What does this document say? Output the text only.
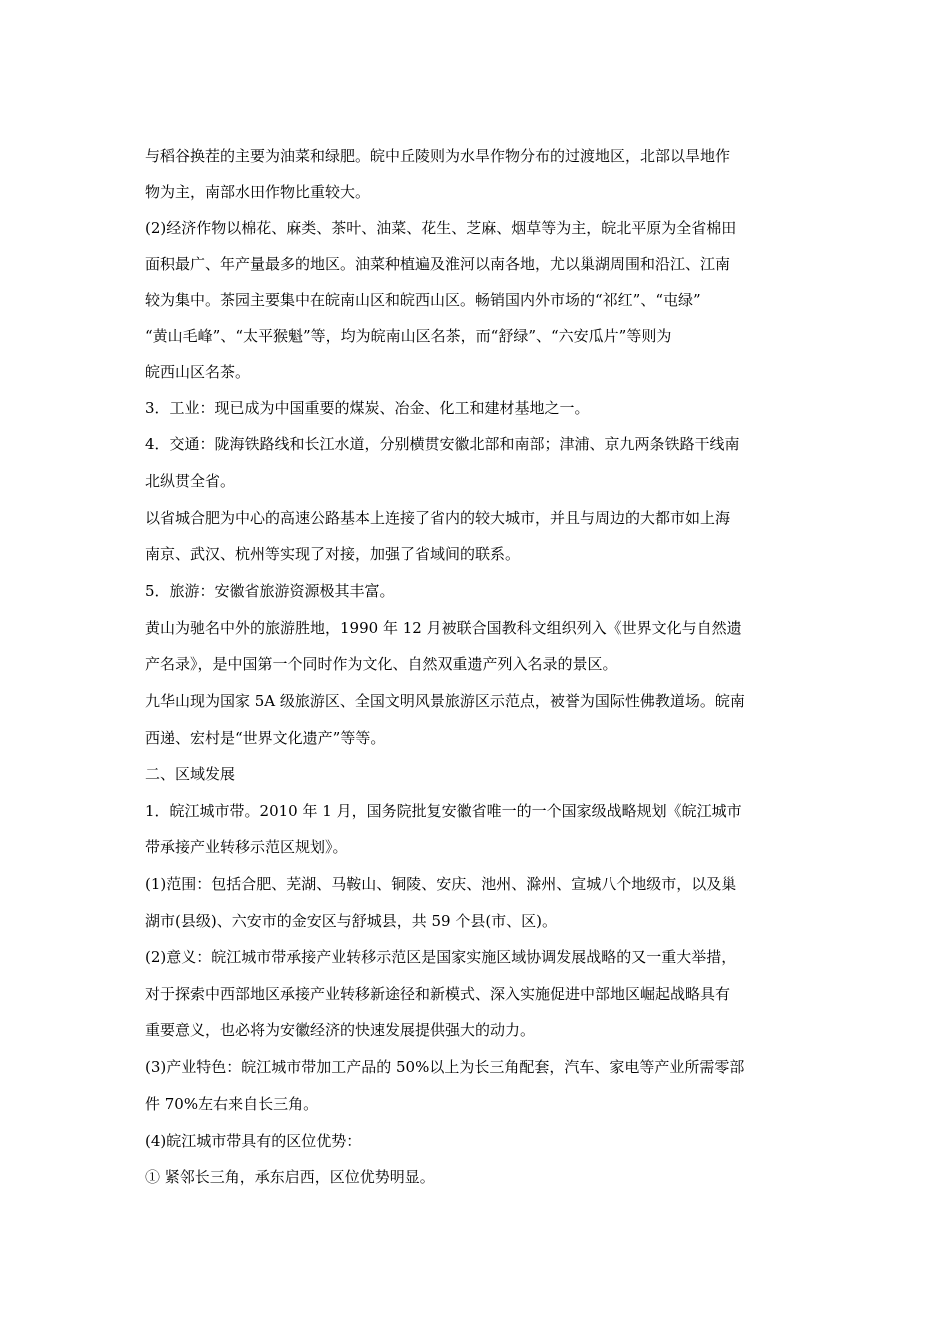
与稻谷换茬的主要为油菜和绿肥。皖中丘陵则为水旱作物分布的过渡地区，北部以旱地作
物为主，南部水田作物比重较大。
(2)经济作物以棉花、麻类、茶叶、油菜、花生、芝麻、烟草等为主，皖北平原为全省棉田
面积最广、年产量最多的地区。油菜种植遍及淮河以南各地，尤以巢湖周围和沿江、江南
较为集中。茶园主要集中在皖南山区和皖西山区。畅销国内外市场的“祁红”、“屯绿”
“黄山毛峰”、“太平猴魁”等，均为皖南山区名茶，而“舒绿”、“六安瓜片”等则为
皖西山区名茶。
3．工业：现已成为中国重要的煤炭、冶金、化工和建材基地之一。
4．交通：陇海铁路线和长江水道，分别横贯安徽北部和南部；津浦、京九两条铁路干线南
北纵贯全省。
以省城合肥为中心的高速公路基本上连接了省内的较大城市，并且与周边的大都市如上海
南京、武汉、杭州等实现了对接，加强了省域间的联系。
5．旅游：安徽省旅游资源极其丰富。
黄山为驰名中外的旅游胜地，1990 年 12 月被联合国教科文组织列入《世界文化与自然遗
产名录》，是中国第一个同时作为文化、自然双重遗产列入名录的景区。
九华山现为国家 5A 级旅游区、全国文明风景旅游区示范点，被誉为国际性佛教道场。皖南
西递、宏村是“世界文化遗产”等等。
二、区域发展
1．皖江城市带。2010 年 1 月，国务院批复安徽省唯一的一个国家级战略规划《皖江城市
带承接产业转移示范区规划》。
(1)范围：包括合肥、芜湖、马鞍山、铜陵、安庆、池州、滁州、宣城八个地级市，以及巢
湖市(县级)、六安市的金安区与舒城县，共 59 个县(市、区)。
(2)意义：皖江城市带承接产业转移示范区是国家实施区域协调发展战略的又一重大举措，
对于探索中西部地区承接产业转移新途径和新模式、深入实施促进中部地区崛起战略具有
重要意义，也必将为安徽经济的快速发展提供强大的动力。
(3)产业特色：皖江城市带加工产品的 50%以上为长三角配套，汽车、家电等产业所需零部
件 70%左右来自长三角。
(4)皖江城市带具有的区位优势：
① 紧邻长三角，承东启西，区位优势明显。
